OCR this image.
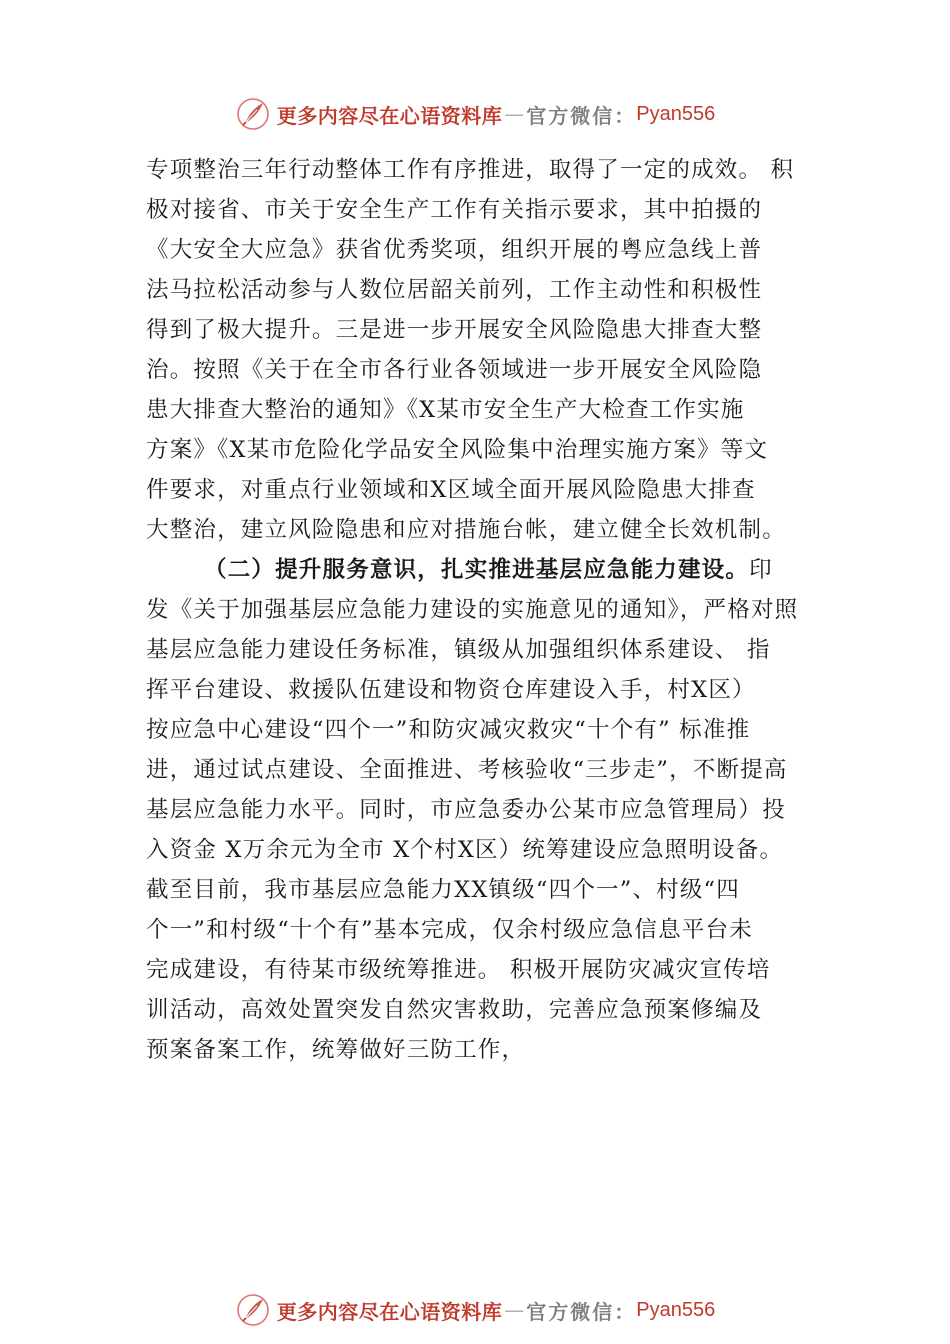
更多内容尽在心语资料库 — 官方微信： Pyan556
专项整治三年行动整体工作有序推进，取得了一定的成效。 积
极对接省、市关于安全生产工作有关指示要求，其中拍摄的
《大安全大应急》获省优秀奖项，组织开展的粤应急线上普
法马拉松活动参与人数位居韶关前列，工作主动性和积极性
得到了极大提升。三是进一步开展安全风险隐患大排查大整
治。按照《关于在全市各行业各领域进一步开展安全风险隐
患大排查大整治的通知》《X某市安全生产大检查工作实施
方案》《X某市危险化学品安全风险集中治理实施方案》等文
件要求，对重点行业领域和X区域全面开展风险隐患大排查
大整治，建立风险隐患和应对措施台帐，建立健全长效机制。
（二）提升服务意识，扎实推进基层应急能力建设。印
发《关于加强基层应急能力建设的实施意见的通知》，严格对照
基层应急能力建设任务标准，镇级从加强组织体系建设、 指
挥平台建设、救援队伍建设和物资仓库建设入手，村X区）
按应急中心建设“四个一”和防灾减灾救灾“十个有” 标准推
进，通过试点建设、全面推进、考核验收“三步走”，不断提高
基层应急能力水平。同时，市应急委办公某市应急管理局）投
入资金 X万余元为全市 X个村X区）统筹建设应急照明设备。
截至目前，我市基层应急能力XX镇级“四个一”、村级“四
个一”和村级“十个有”基本完成，仅余村级应急信息平台未
完成建设，有待某市级统筹推进。 积极开展防灾减灾宣传培
训活动，高效处置突发自然灾害救助，完善应急预案修编及
预案备案工作，统筹做好三防工作，
更多内容尽在心语资料库 — 官方微信： Pyan556
